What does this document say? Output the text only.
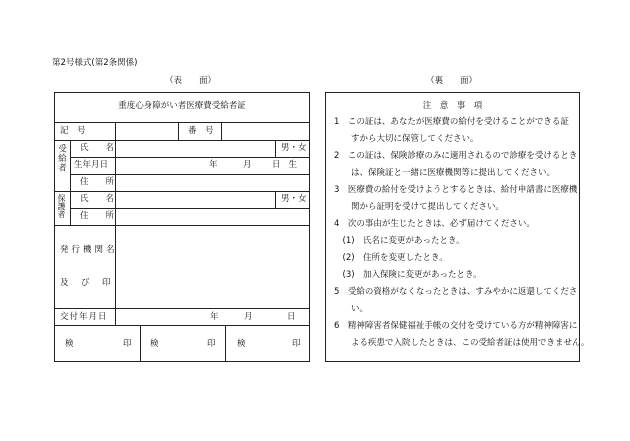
第2号様式(第2条関係)
（表　　面）	（裏　　面）
重度心身障がい者医療費受給者証
記　号	番　号
受給者 氏　　名	男・女
生年月日	年	月 日生
住　　所
保護者 氏　　名	男・女
住　　所
発行機関名
及　び　印
交付年月日	年	月	日
検	印 検	印	検	印
注　意　事　項
1　この証は、あなたが医療費の給付を受けることができる証
　　すから大切に保管してください。
2　この証は、保険診療のみに適用されるので診療を受けるとき
　　は、保険証と一緒に医療機関等に提出してください。
3　医療費の給付を受けようとするときは、給付申請書に医療機
　　関から証明を受けて提出してください。
4　次の事由が生じたときは、必ず届けてください。
　(1)　氏名に変更があったとき。
　(2)　住所を変更したとき。
　(3)　加入保険に変更があったとき。
5　受給の資格がなくなったときは、すみやかに返還してくださ
　　い。
6　精神障害者保健福祉手帳の交付を受けている方が精神障害に
　　よる疾患で入院したときは、この受給者証は使用できません。
